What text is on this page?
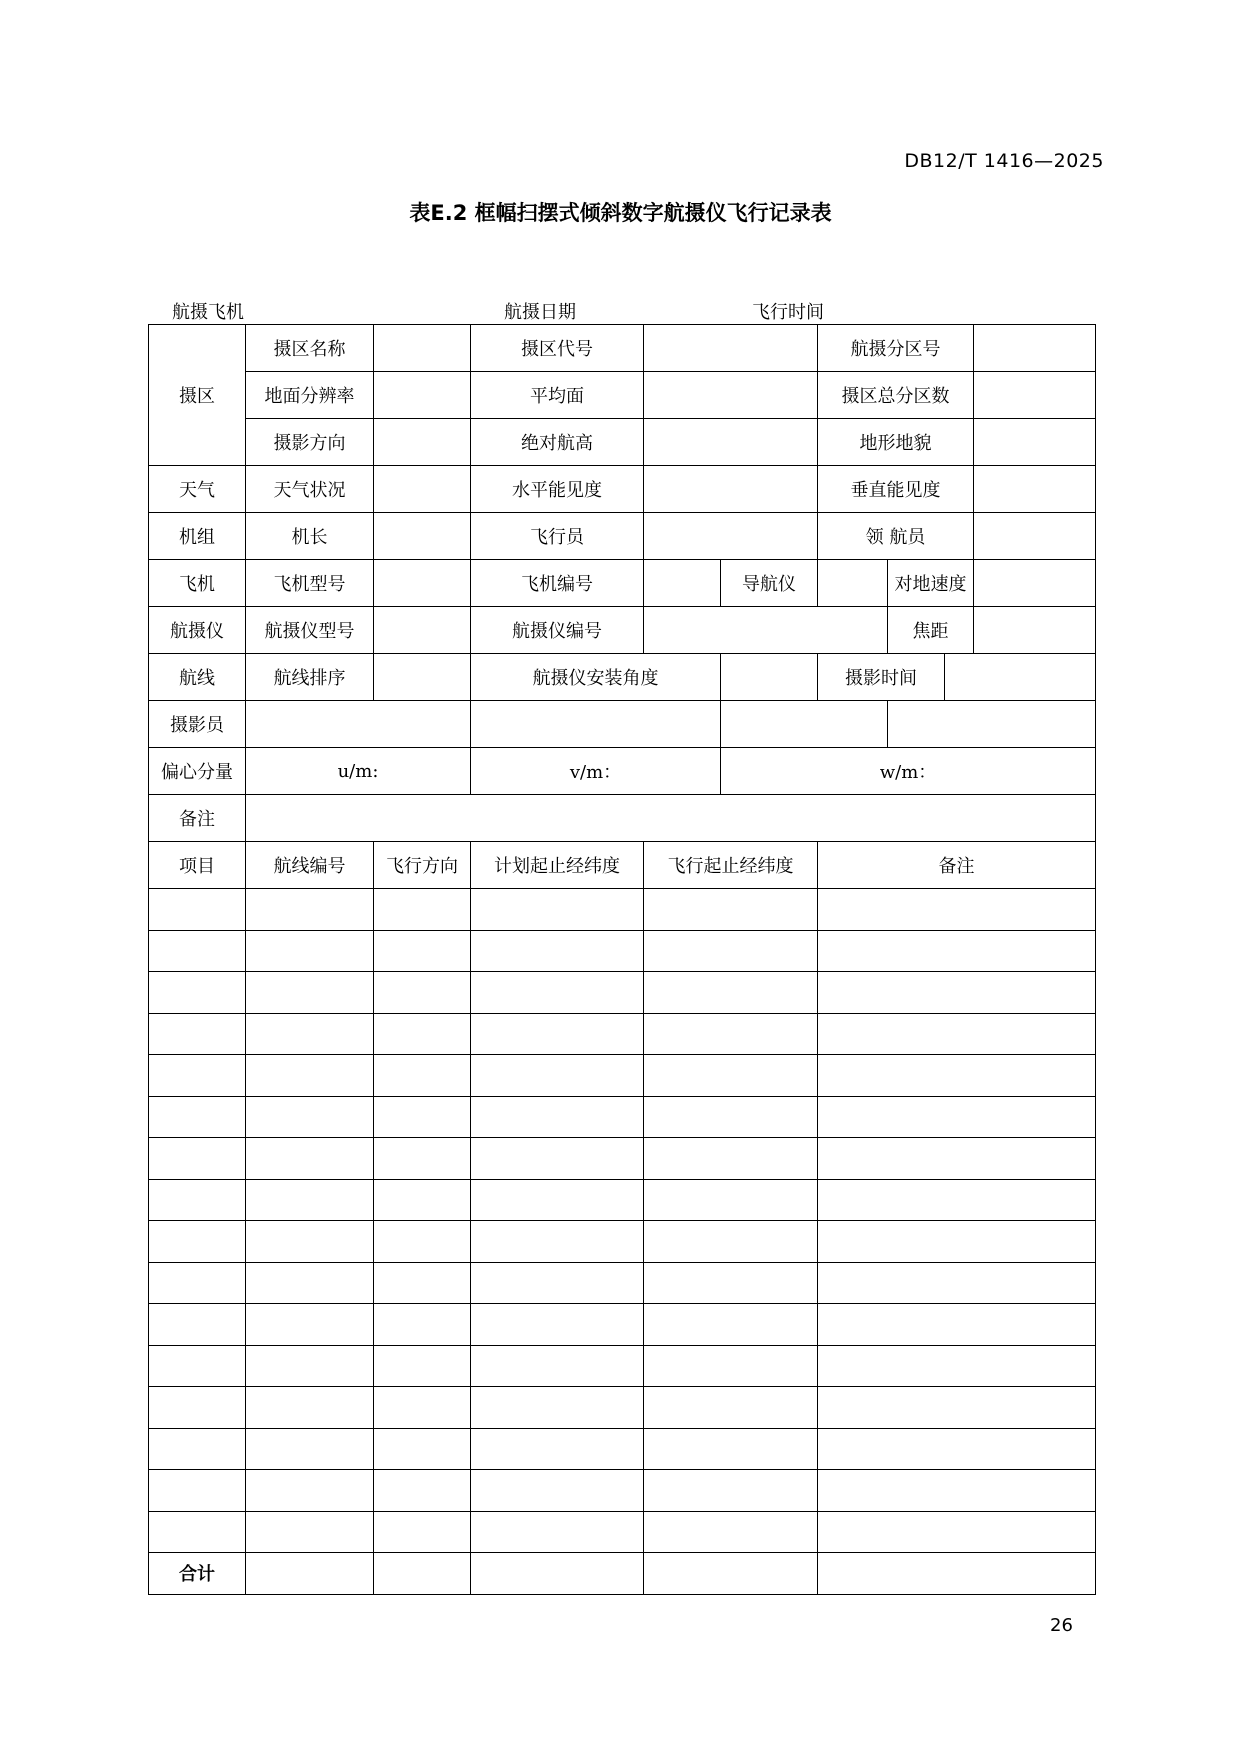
DB12/T 1416—2025
表E.2 框幅扫摆式倾斜数字航摄仪飞行记录表
航摄飞机	航摄日期	飞行时间
摄区	摄区名称		摄区代号			航摄分区号			
	地面分辨率		平均面			摄区总分区数			
	摄影方向		绝对航高			地形地貌			
天气	天气状况		水平能见度			垂直能见度			
机组	机长		飞行员			领 航员			
飞机	飞机型号		飞机编号		导航仪		对地速度		
航摄仪	航摄仪型号		航摄仪编号				焦距		
航线	航线排序		航摄仪安装角度			摄影时间			
摄影员									
偏心分量	u/m:		v/m：		w/m：				
备注									
项目	航线编号	飞行方向	计划起止经纬度	飞行起止经纬度		备注			

合计									
26
